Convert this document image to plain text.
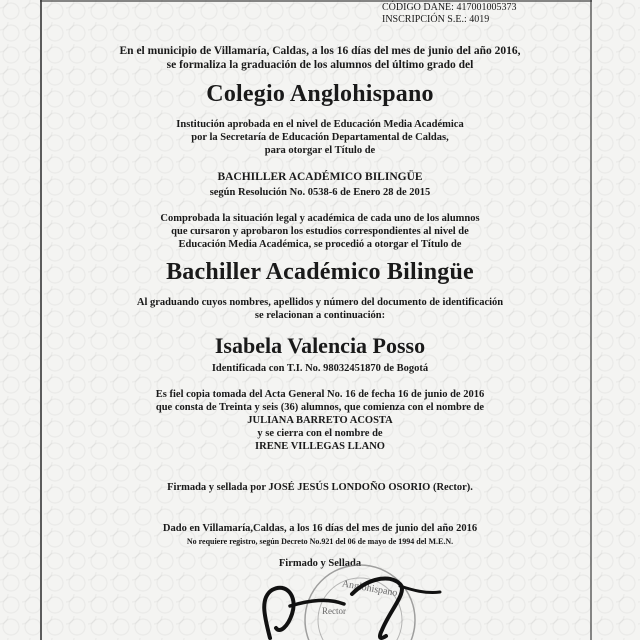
CÓDIGO DANE: 417001005373
INSCRIPCIÓN S.E.: 4019
En el municipio de Villamaría, Caldas, a los 16 días del mes de junio del año 2016,
se formaliza la graduación de los alumnos del último grado del
Colegio Anglohispano
Institución aprobada en el nivel de Educación Media Académica
por la Secretaría de Educación Departamental de Caldas,
para otorgar el Título de
BACHILLER ACADÉMICO BILINGÜE
según Resolución No. 0538-6 de Enero 28 de 2015
Comprobada la situación legal y académica de cada uno de los alumnos
que cursaron y aprobaron los estudios correspondientes al nivel de
Educación Media Académica, se procedió a otorgar el Título de
Bachiller Académico Bilingüe
Al graduando cuyos nombres, apellidos y número del documento de identificación
se relacionan a continuación:
Isabela Valencia Posso
Identificada con T.I. No. 98032451870 de Bogotá
Es fiel copia tomada del Acta General No. 16 de fecha 16 de junio de 2016
que consta de Treinta y seis (36) alumnos, que comienza con el nombre de
JULIANA BARRETO ACOSTA
y se cierra con el nombre de
IRENE VILLEGAS LLANO
Firmada y sellada por JOSÉ JESÚS LONDOÑO OSORIO (Rector).
Dado en Villamaría,Caldas, a los 16 días del mes de junio del año 2016
No requiere registro, según Decreto No.921 del 06 de mayo de 1994 del M.E.N.
Firmado y Sellada
Anglohispano
Rector
